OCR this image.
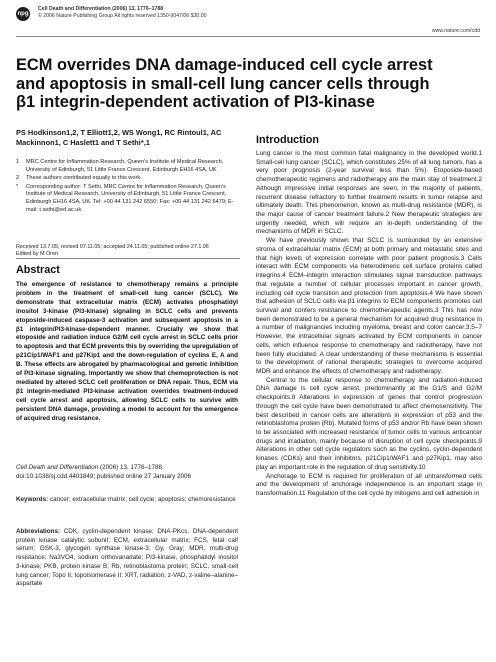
npg
Cell Death and Differentiation (2006) 13, 1776–1788
© 2006 Nature Publishing Group All rights reserved 1350-9047/06 $30.00
www.nature.com/cdd
ECM overrides DNA damage-induced cell cycle arrest
and apoptosis in small-cell lung cancer cells through
β1 integrin-dependent activation of PI3-kinase
PS Hodkinson1,2, T Elliott1,2, WS Wong1, RC Rintoul1, AC Mackinnon1, C Haslett1 and T Sethi*,1
1 MRC Centre for Inflammation Research, Queen's Institute of Medical Research, University of Edinburgh, 51 Little France Crescent, Edinburgh EH16 4SA, UK
2 These authors contributed equally to this work.
* Corresponding author: T Sethi, MRC Centre for Inflammation Research, Queen's Institute of Medical Research, University of Edinburgh, 51 Little France Crescent, Edinburgh EH16 4SA, UK. Tel: +00 44 131 242 6550; Fax: +00 44 131 242 6479; E-mail: t.sethi@ed.ac.uk
Received 13.7.05; revised 07.11.05; accepted 24.11.05; published online 27.1.06
Edited by M Oren
Abstract
The emergence of resistance to chemotherapy remains a principle problem in the treatment of small-cell lung cancer (SCLC). We demonstrate that extracellular matrix (ECM) activates phosphatidyl inositol 3-kinase (PI3-kinase) signaling in SCLC cells and prevents etoposide-induced caspase-3 activation and subsequent apoptosis in a β1 integrin/PI3-kinase-dependent manner. Crucially we show that etoposide and radiation induce G2/M cell cycle arrest in SCLC cells prior to apoptosis and that ECM prevents this by overriding the upregulation of p21Cip1/WAF1 and p27Kip1 and the down-regulation of cyclins E, A and B. These effects are abrogated by pharmacological and genetic inhibition of PI3-kinase signaling. Importantly we show that chemoprotection is not mediated by altered SCLC cell proliferation or DNA repair. Thus, ECM via β1 integrin-mediated PI3-kinase activation overrides treatment-induced cell cycle arrest and apoptosis, allowing SCLC cells to survive with persistent DNA damage, providing a model to account for the emergence of acquired drug resistance.
Cell Death and Differentiation (2006) 13, 1776–1788. doi:10.1038/sj.cdd.4401849; published online 27 January 2006
Keywords: cancer; extracellular matrix; cell cycle; apoptosis; chemoresistance
Abbreviations: CDK, cyclin-dependent kinase; DNA-PKcs, DNA-dependent protein kinase catalytic subunit; ECM, extracellular matrix; FCS, fetal calf serum; GSK-3, glycogen synthase kinase-3; Gy, Gray; MDR, multi-drug resistance; Na3VO4, sodium orthovanadate; PI3-kinase, phosphatidyl inositol 3-kinase; PKB, protein kinase B; Rb, retinoblastoma protein; SCLC, small-cell lung cancer; Topo II, topoisomerase II; XRT, radiation; z-VAD, z-valine–alanine–aspartate
Introduction

Lung cancer is the most common fatal malignancy in the developed world.1 Small-cell lung cancer (SCLC), which constitutes 25% of all lung tumors, has a very poor prognosis (2-year survival less than 5%). Etoposide-based chemotherapeutic regimens and radiotherapy are the main stay of treatment.2 Although impressive initial responses are seen, in the majority of patients, recurrent disease refractory to further treatment results in tumor relapse and ultimately death. This phenomenon, known as multi-drug resistance (MDR), is the major cause of cancer treatment failure.2 New therapeutic strategies are urgently needed, which will require an in-depth understanding of the mechanisms of MDR in SCLC.

We have previously shown that SCLC is surrounded by an extensive stroma of extracellular matrix (ECM) at both primary and metastatic sites and that high levels of expression correlate with poor patient prognosis.3 Cells interact with ECM components via heterodimeric cell surface proteins called integrins.4 ECM–integrin interaction stimulates signal transduction pathways that regulate a number of cellular processes important in cancer growth, including cell cycle transition and protection from apoptosis.4 We have shown that adhesion of SCLC cells via β1 integrins to ECM components promotes cell survival and confers resistance to chemotherapeutic agents.3 This has now been demonstrated to be a general mechanism for acquired drug resistance in a number of malignancies including myeloma, breast and colon cancer.3,5–7 However, the intracellular signals activated by ECM components in cancer cells, which influence response to chemotherapy and radiotherapy, have not been fully elucidated. A clear understanding of these mechanisms is essential to the development of rational therapeutic strategies to overcome acquired MDR and enhance the effects of chemotherapy and radiotherapy.

Central to the cellular response to chemotherapy and radiation-induced DNA damage is cell cycle arrest, predominantly at the G1/S and G2/M checkpoints.8 Alterations in expression of genes that control progression through the cell cycle have been demonstrated to affect chemosensitivity. The best described in cancer cells are alterations in expression of p53 and the retinoblastoma protein (Rb). Mutated forms of p53 and/or Rb have been shown to be associated with increased resistance of tumor cells to various anticancer drugs and irradiation, mainly because of disruption of cell cycle checkpoints.9 Alterations in other cell cycle regulators such as the cyclins, cyclin-dependent kinases (CDKs) and their inhibitors, p21Cip1/WAF1 and p27Kip1, may also play an important role in the regulation of drug sensitivity.10

Anchorage to ECM is required for proliferation of all untransformed cells and the development of anchorage independence is an important stage in transformation.11 Regulation of the cell cycle by mitogens and cell adhesion in
